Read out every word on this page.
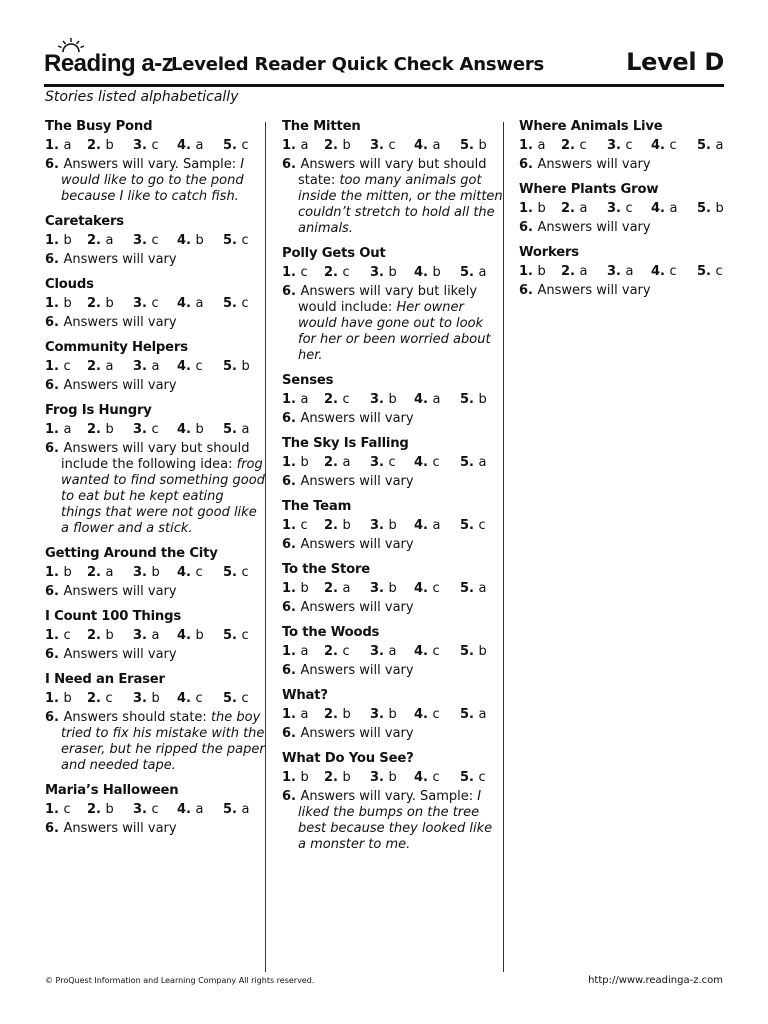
Reading a-z
Leveled Reader Quick Check Answers	Level D
Stories listed alphabetically
The Busy Pond
1. a 2. b 3. c 4. a 5. c
6. Answers will vary. Sample: I would like to go to the pond because I like to catch fish.
Caretakers
1. b 2. a 3. c 4. b 5. c
6. Answers will vary
Clouds
1. b 2. b 3. c 4. a 5. c
6. Answers will vary
Community Helpers
1. c 2. a 3. a 4. c 5. b
6. Answers will vary
Frog Is Hungry
1. a 2. b 3. c 4. b 5. a
6. Answers will vary but should include the following idea: frog wanted to find something good to eat but he kept eating things that were not good like a flower and a stick.
Getting Around the City
1. b 2. a 3. b 4. c 5. c
6. Answers will vary
I Count 100 Things
1. c 2. b 3. a 4. b 5. c
6. Answers will vary
I Need an Eraser
1. b 2. c 3. b 4. c 5. c
6. Answers should state: the boy tried to fix his mistake with the eraser, but he ripped the paper and needed tape.
Maria’s Halloween
1. c 2. b 3. c 4. a 5. a
6. Answers will vary
The Mitten
1. a 2. b 3. c 4. a 5. b
6. Answers will vary but should state: too many animals got inside the mitten, or the mitten couldn’t stretch to hold all the animals.
Polly Gets Out
1. c 2. c 3. b 4. b 5. a
6. Answers will vary but likely would include: Her owner would have gone out to look for her or been worried about her.
Senses
1. a 2. c 3. b 4. a 5. b
6. Answers will vary
The Sky Is Falling
1. b 2. a 3. c 4. c 5. a
6. Answers will vary
The Team
1. c 2. b 3. b 4. a 5. c
6. Answers will vary
To the Store
1. b 2. a 3. b 4. c 5. a
6. Answers will vary
To the Woods
1. a 2. c 3. a 4. c 5. b
6. Answers will vary
What?
1. a 2. b 3. b 4. c 5. a
6. Answers will vary
What Do You See?
1. b 2. b 3. b 4. c 5. c
6. Answers will vary. Sample: I liked the bumps on the tree best because they looked like a monster to me.
Where Animals Live
1. a 2. c 3. c 4. c 5. a
6. Answers will vary
Where Plants Grow
1. b 2. a 3. c 4. a 5. b
6. Answers will vary
Workers
1. b 2. a 3. a 4. c 5. c
6. Answers will vary
© ProQuest Information and Learning Company All rights reserved.	http://www.readinga-z.com
